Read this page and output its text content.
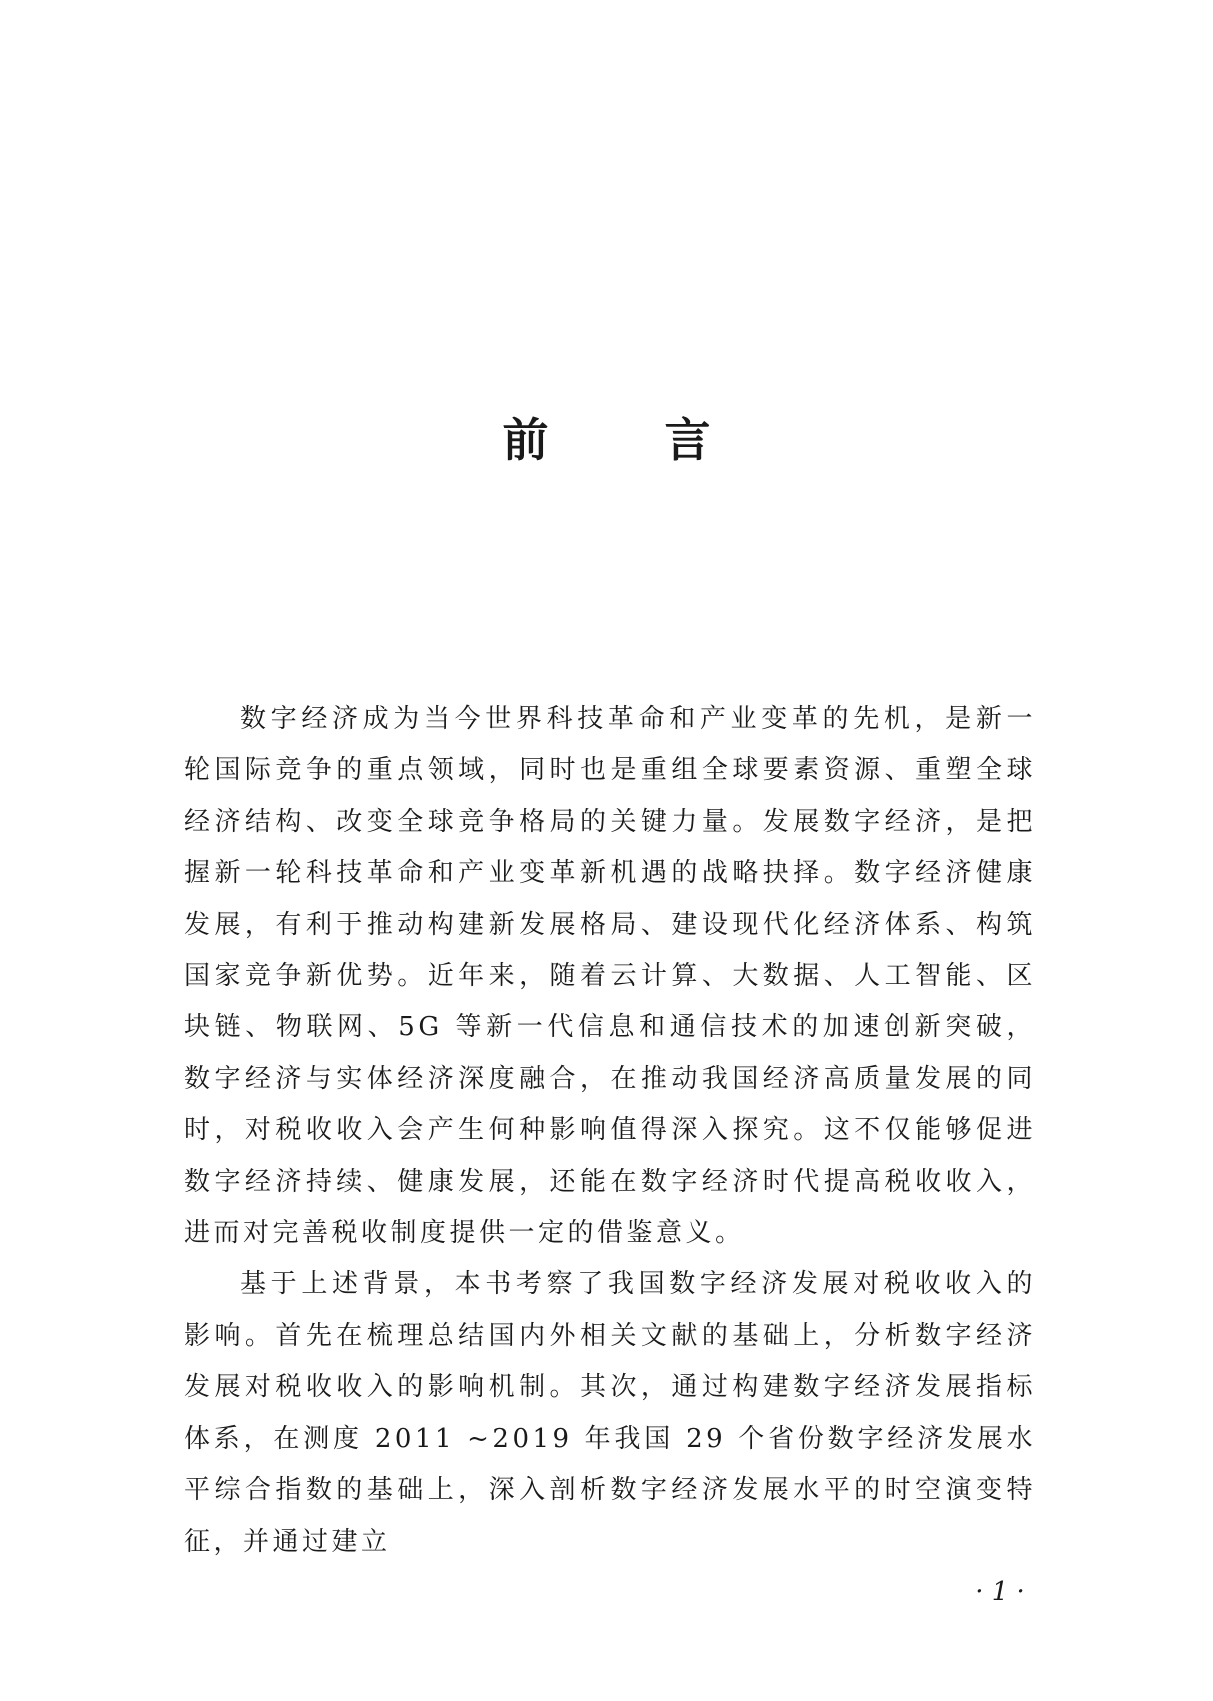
前 言

数字经济成为当今世界科技革命和产业变革的先机，是新一轮国际竞争的重点领域，同时也是重组全球要素资源、重塑全球经济结构、改变全球竞争格局的关键力量。发展数字经济，是把握新一轮科技革命和产业变革新机遇的战略抉择。数字经济健康发展，有利于推动构建新发展格局、建设现代化经济体系、构筑国家竞争新优势。近年来，随着云计算、大数据、人工智能、区块链、物联网、5G 等新一代信息和通信技术的加速创新突破，数字经济与实体经济深度融合，在推动我国经济高质量发展的同时，对税收收入会产生何种影响值得深入探究。这不仅能够促进数字经济持续、健康发展，还能在数字经济时代提高税收收入，进而对完善税收制度提供一定的借鉴意义。

基于上述背景，本书考察了我国数字经济发展对税收收入的影响。首先在梳理总结国内外相关文献的基础上，分析数字经济发展对税收收入的影响机制。其次，通过构建数字经济发展指标体系，在测度 2011 ~2019 年我国 29 个省份数字经济发展水平综合指数的基础上，深入剖析数字经济发展水平的时空演变特征，并通过建立

· 1 ·
